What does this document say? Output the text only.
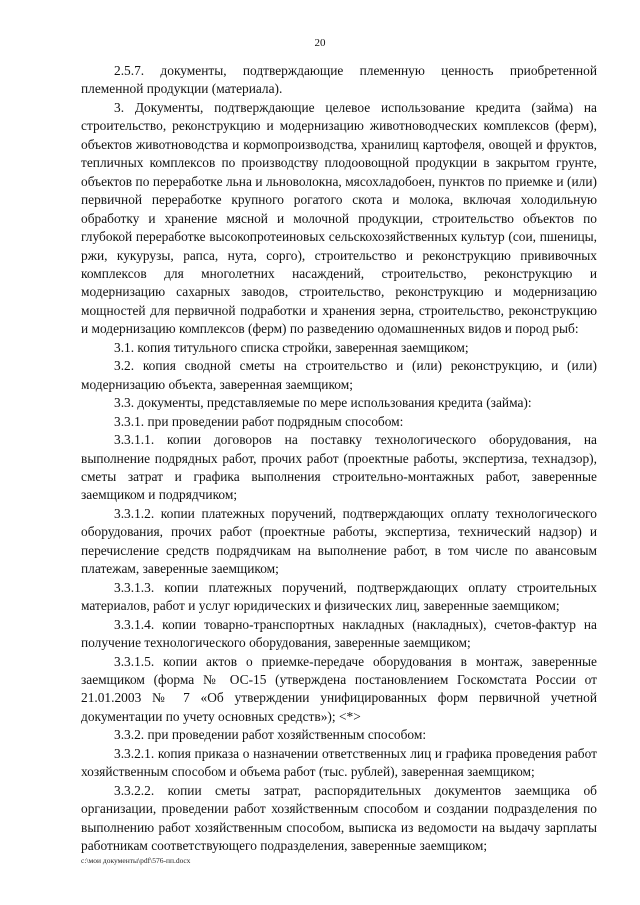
20

2.5.7. документы, подтверждающие племенную ценность приобретенной племенной продукции (материала).

3. Документы, подтверждающие целевое использование кредита (займа) на строительство, реконструкцию и модернизацию животноводческих комплексов (ферм), объектов животноводства и кормопроизводства, хранилищ картофеля, овощей и фруктов, тепличных комплексов по производству плодоовощной продукции в закрытом грунте, объектов по переработке льна и льноволокна, мясохладобоен, пунктов по приемке и (или) первичной переработке крупного рогатого скота и молока, включая холодильную обработку и хранение мясной и молочной продукции, строительство объектов по глубокой переработке высокопротеиновых сельскохозяйственных культур (сои, пшеницы, ржи, кукурузы, рапса, нута, сорго), строительство и реконструкцию прививочных комплексов для многолетних насаждений, строительство, реконструкцию и модернизацию сахарных заводов, строительство, реконструкцию и модернизацию мощностей для первичной подработки и хранения зерна, строительство, реконструкцию и модернизацию комплексов (ферм) по разведению одомашненных видов и пород рыб:

3.1. копия титульного списка стройки, заверенная заемщиком;

3.2. копия сводной сметы на строительство и (или) реконструкцию, и (или) модернизацию объекта, заверенная заемщиком;

3.3. документы, представляемые по мере использования кредита (займа):

3.3.1. при проведении работ подрядным способом:

3.3.1.1. копии договоров на поставку технологического оборудования, на выполнение подрядных работ, прочих работ (проектные работы, экспертиза, технадзор), сметы затрат и графика выполнения строительно-монтажных работ, заверенные заемщиком и подрядчиком;

3.3.1.2. копии платежных поручений, подтверждающих оплату технологического оборудования, прочих работ (проектные работы, экспертиза, технический надзор) и перечисление средств подрядчикам на выполнение работ, в том числе по авансовым платежам, заверенные заемщиком;

3.3.1.3. копии платежных поручений, подтверждающих оплату строительных материалов, работ и услуг юридических и физических лиц, заверенные заемщиком;

3.3.1.4. копии товарно-транспортных накладных (накладных), счетов-фактур на получение технологического оборудования, заверенные заемщиком;

3.3.1.5. копии актов о приемке-передаче оборудования в монтаж, заверенные заемщиком (форма № ОС-15 (утверждена постановлением Госкомстата России от 21.01.2003 № 7 «Об утверждении унифицированных форм первичной учетной документации по учету основных средств»); <*>

3.3.2. при проведении работ хозяйственным способом:

3.3.2.1. копия приказа о назначении ответственных лиц и графика проведения работ хозяйственным способом и объема работ (тыс. рублей), заверенная заемщиком;

3.3.2.2. копии сметы затрат, распорядительных документов заемщика об организации, проведении работ хозяйственным способом и создании подразделения по выполнению работ хозяйственным способом, выписка из ведомости на выдачу зарплаты работникам соответствующего подразделения, заверенные заемщиком;

c:\мои документы\pdf\576-пп.docx
